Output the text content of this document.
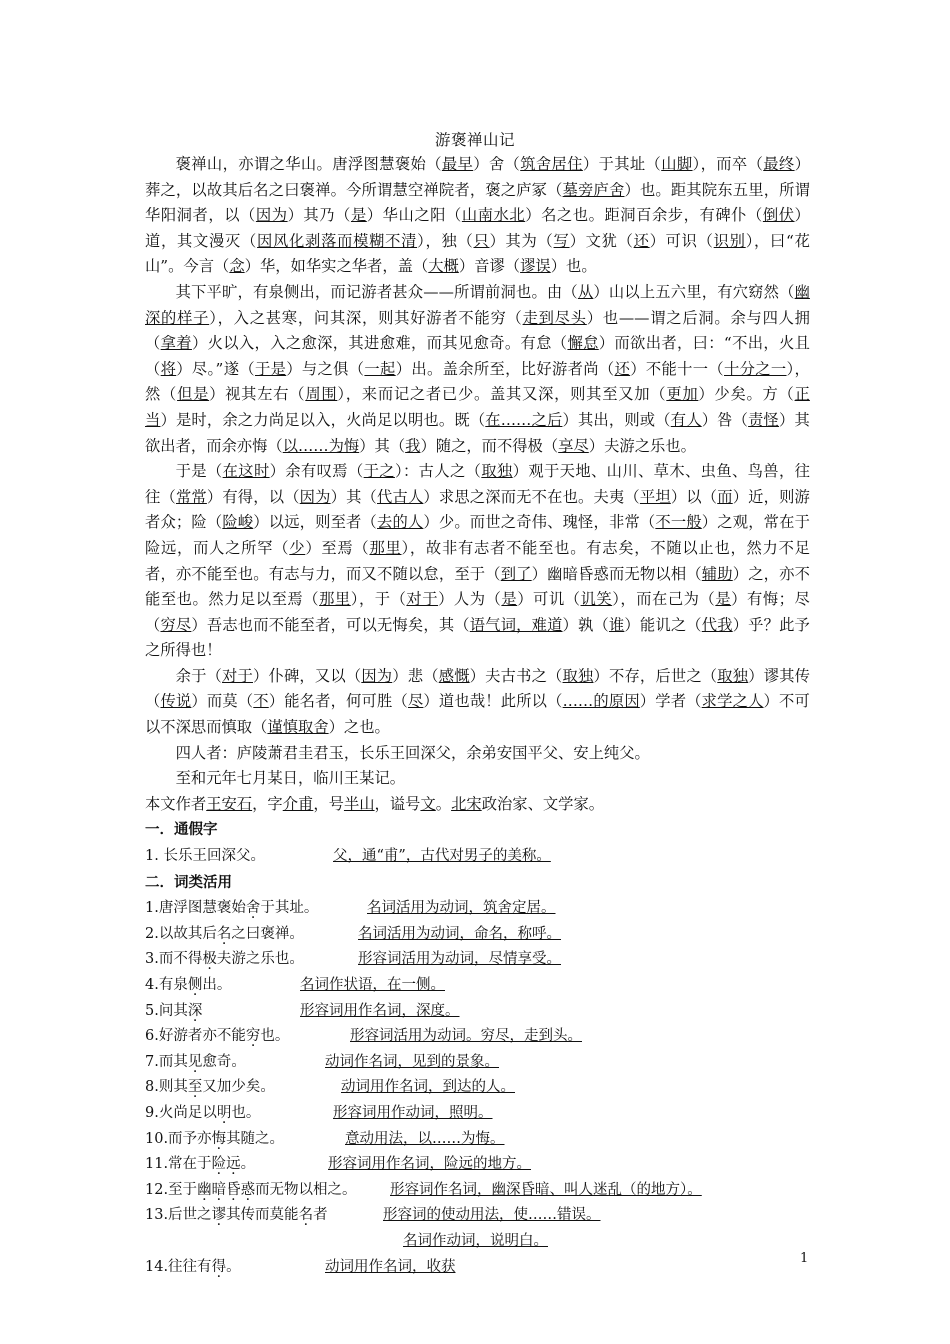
游褒禅山记

褒禅山，亦谓之华山。唐浮图慧褒始（最早）舍（筑舍居住）于其址（山脚），而卒（最终）葬之，以故其后名之曰褒禅。今所谓慧空禅院者，褒之庐冢（墓旁庐舍）也。距其院东五里，所谓华阳洞者，以（因为）其乃（是）华山之阳（山南水北）名之也。距洞百余步，有碑仆（倒伏）道，其文漫灭（因风化剥落而模糊不清），独（只）其为（写）文犹（还）可识（识别），曰“花山”。今言（念）华，如华实之华者，盖（大概）音谬（谬误）也。

其下平旷，有泉侧出，而记游者甚众——所谓前洞也。由（从）山以上五六里，有穴窈然（幽深的样子），入之甚寒，问其深，则其好游者不能穷（走到尽头）也——谓之后洞。余与四人拥（拿着）火以入，入之愈深，其进愈难，而其见愈奇。有怠（懈怠）而欲出者，曰：“不出，火且（将）尽。”遂（于是）与之俱（一起）出。盖余所至，比好游者尚（还）不能十一（十分之一），然（但是）视其左右（周围），来而记之者已少。盖其又深，则其至又加（更加）少矣。方（正当）是时，余之力尚足以入，火尚足以明也。既（在……之后）其出，则或（有人）咎（责怪）其欲出者，而余亦悔（以……为悔）其（我）随之，而不得极（享尽）夫游之乐也。

于是（在这时）余有叹焉（于之）：古人之（取独）观于天地、山川、草木、虫鱼、鸟兽，往往（常常）有得，以（因为）其（代古人）求思之深而无不在也。夫夷（平坦）以（而）近，则游者众；险（险峻）以远，则至者（去的人）少。而世之奇伟、瑰怪，非常（不一般）之观，常在于险远，而人之所罕（少）至焉（那里），故非有志者不能至也。有志矣，不随以止也，然力不足者，亦不能至也。有志与力，而又不随以怠，至于（到了）幽暗昏惑而无物以相（辅助）之，亦不能至也。然力足以至焉（那里），于（对于）人为（是）可讥（讥笑），而在己为（是）有悔；尽（穷尽）吾志也而不能至者，可以无悔矣，其（语气词，难道）孰（谁）能讥之（代我）乎？此予之所得也！

余于（对于）仆碑，又以（因为）悲（感慨）夫古书之（取独）不存，后世之（取独）谬其传（传说）而莫（不）能名者，何可胜（尽）道也哉！此所以（……的原因）学者（求学之人）不可以不深思而慎取（谨慎取舍）之也。

四人者：庐陵萧君圭君玉，长乐王回深父，余弟安国平父、安上纯父。

至和元年七月某日，临川王某记。

本文作者王安石，字介甫，号半山，谥号文。北宋政治家、文学家。

一．通假字
1. 长乐王回深父。	父，通“甫”，古代对男子的美称。
二．词类活用
1.唐浮图慧褒始舍于其址。	名词活用为动词，筑舍定居。
2.以故其后名之曰褒禅。	名词活用为动词，命名，称呼。
3.而不得极夫游之乐也。	形容词活用为动词，尽情享受。
4.有泉侧出。	名词作状语，在一侧。
5.问其深	形容词用作名词，深度。
6.好游者亦不能穷也。	形容词活用为动词。穷尽，走到头。
7.而其见愈奇。	动词作名词，见到的景象。
8.则其至又加少矣。	动词用作名词，到达的人。
9.火尚足以明也。	形容词用作动词，照明。
10.而予亦悔其随之。	意动用法，以……为悔。
11.常在于险远。	形容词用作名词，险远的地方。
12.至于幽暗昏惑而无物以相之。 形容词作名词，幽深昏暗、叫人迷乱（的地方）。
13.后世之谬其传而莫能名者	形容词的使动用法，使……错误。
名词作动词，说明白。
14.往往有得。	动词用作名词，收获
1
